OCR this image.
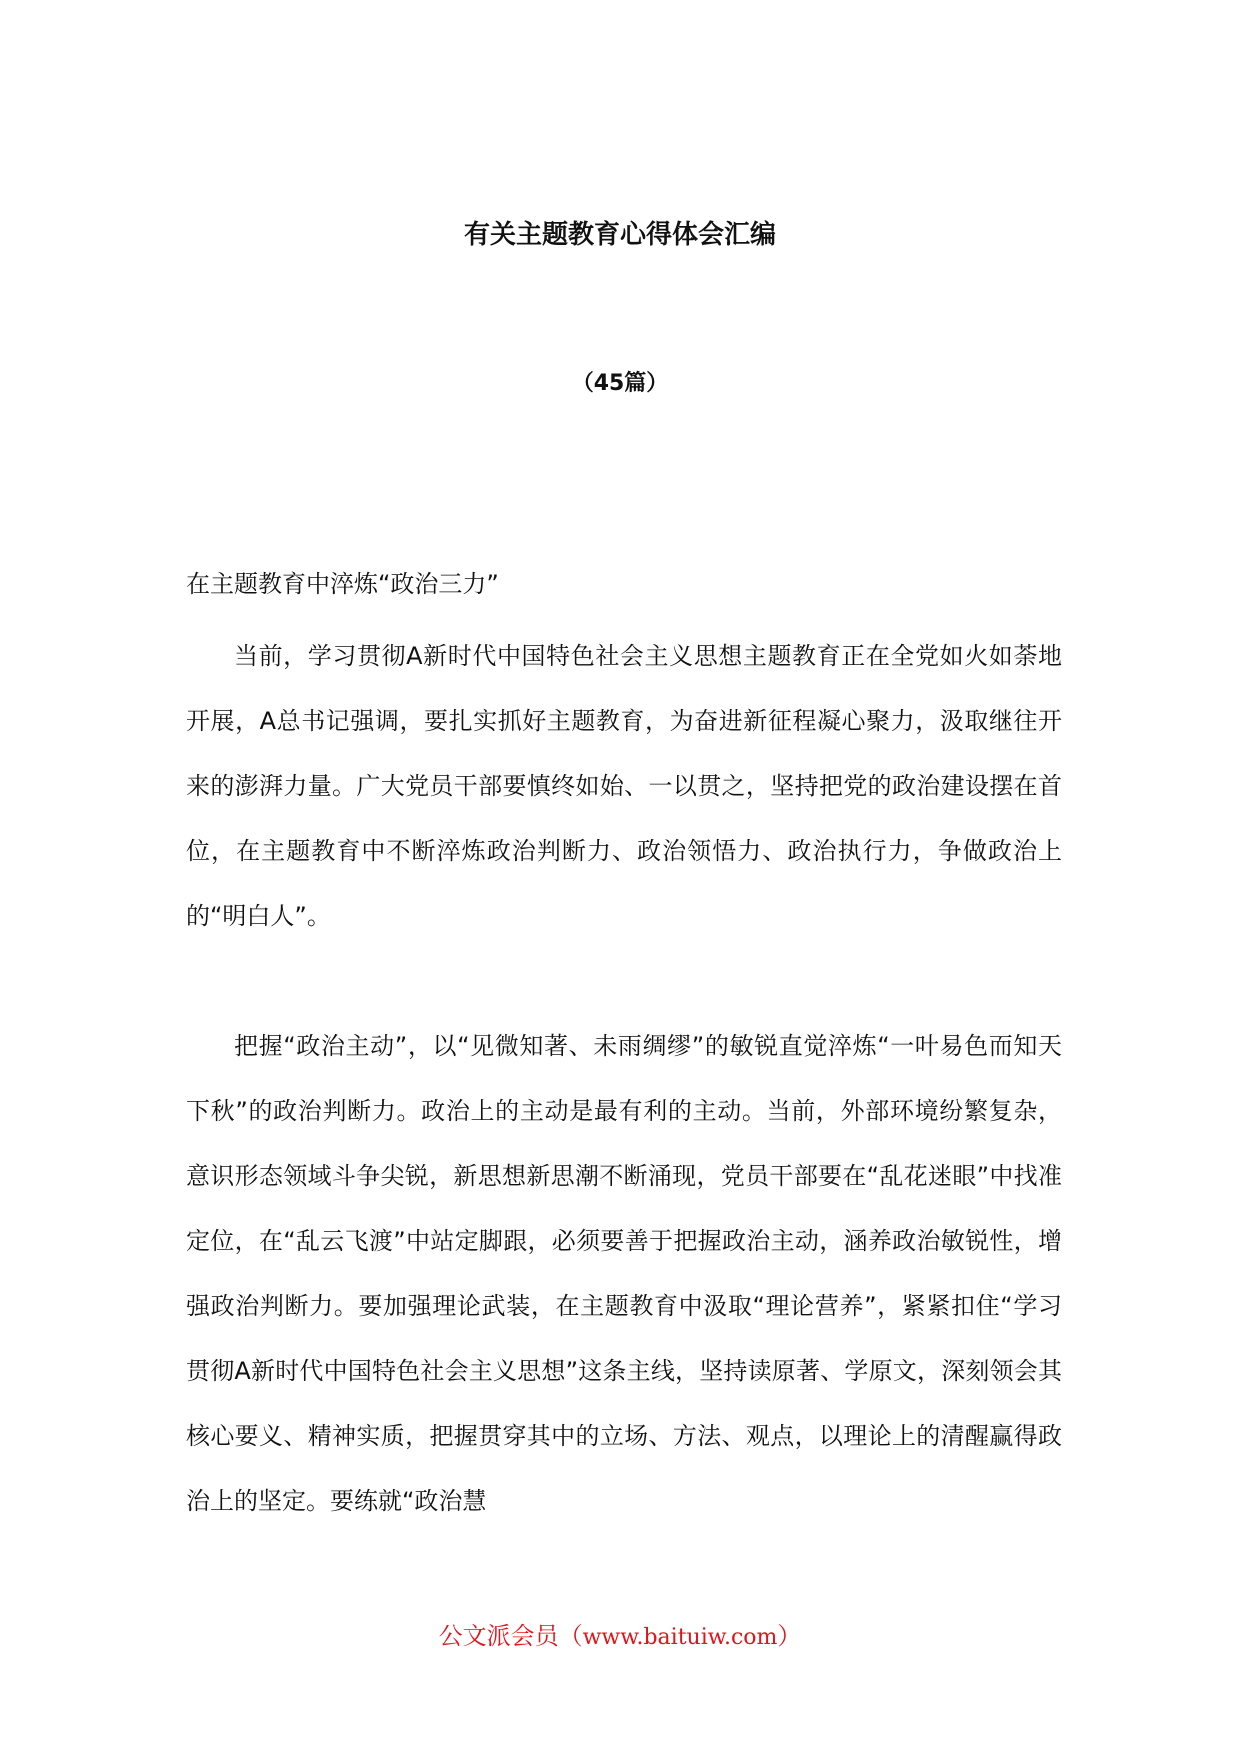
有关主题教育心得体会汇编
（45篇）
在主题教育中淬炼“政治三力”

当前，学习贯彻A新时代中国特色社会主义思想主题教育正在全党如火如荼地开展，A总书记强调，要扎实抓好主题教育，为奋进新征程凝心聚力，汲取继往开来的澎湃力量。广大党员干部要慎终如始、一以贯之，坚持把党的政治建设摆在首位，在主题教育中不断淬炼政治判断力、政治领悟力、政治执行力，争做政治上的“明白人”。

把握“政治主动”，以“见微知著、未雨绸缪”的敏锐直觉淬炼“一叶易色而知天下秋”的政治判断力。政治上的主动是最有利的主动。当前，外部环境纷繁复杂，意识形态领域斗争尖锐，新思想新思潮不断涌现，党员干部要在“乱花迷眼”中找准定位，在“乱云飞渡”中站定脚跟，必须要善于把握政治主动，涵养政治敏锐性，增强政治判断力。要加强理论武装，在主题教育中汲取“理论营养”，紧紧扣住“学习贯彻A新时代中国特色社会主义思想”这条主线，坚持读原著、学原文，深刻领会其核心要义、精神实质，把握贯穿其中的立场、方法、观点，以理论上的清醒赢得政治上的坚定。要练就“政治慧

公文派会员（www.baituiw.com）
